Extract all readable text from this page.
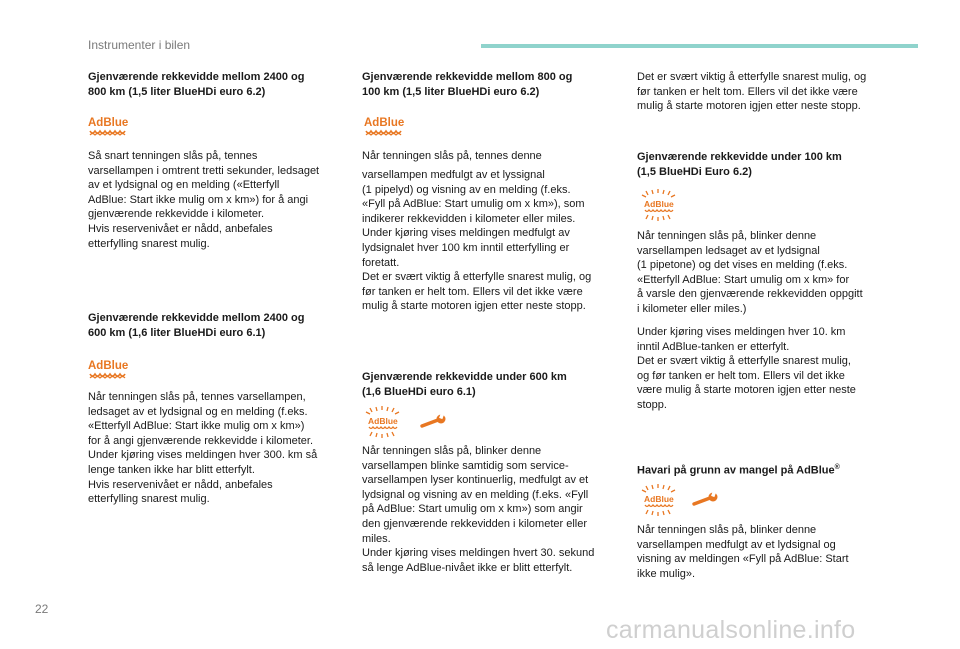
Instrumenter i bilen

Gjenværende rekkevidde mellom 2400 og
800 km (1,5 liter BlueHDi euro 6.2)

AdBlue

Så snart tenningen slås på, tennes
varsellampen i omtrent tretti sekunder, ledsaget
av et lydsignal og en melding («Etterfyll
AdBlue: Start ikke mulig om x km») for å angi
gjenværende rekkevidde i kilometer.
Hvis reservenivået er nådd, anbefales
etterfylling snarest mulig.

Gjenværende rekkevidde mellom 2400 og
600 km (1,6 liter BlueHDi euro 6.1)

AdBlue

Når tenningen slås på, tennes varsellampen,
ledsaget av et lydsignal og en melding (f.eks.
«Etterfyll AdBlue: Start ikke mulig om x km»)
for å angi gjenværende rekkevidde i kilometer.
Under kjøring vises meldingen hver 300. km så
lenge tanken ikke har blitt etterfylt.
Hvis reservenivået er nådd, anbefales
etterfylling snarest mulig.

Gjenværende rekkevidde mellom 800 og
100 km (1,5 liter BlueHDi euro 6.2)

AdBlue

Når tenningen slås på, tennes denne

varsellampen medfulgt av et lyssignal
(1 pipelyd) og visning av en melding (f.eks.
«Fyll på AdBlue: Start umulig om x km»), som
indikerer rekkevidden i kilometer eller miles.
Under kjøring vises meldingen medfulgt av
lydsignalet hver 100 km inntil etterfylling er
foretatt.
Det er svært viktig å etterfylle snarest mulig, og
før tanken er helt tom. Ellers vil det ikke være
mulig å starte motoren igjen etter neste stopp.

Gjenværende rekkevidde under 600 km
(1,6 BlueHDi euro 6.1)

AdBlue

Når tenningen slås på, blinker denne
varsellampen blinke samtidig som service-
varsellampen lyser kontinuerlig, medfulgt av et
lydsignal og visning av en melding (f.eks. «Fyll
på AdBlue: Start umulig om x km») som angir
den gjenværende rekkevidden i kilometer eller
miles.
Under kjøring vises meldingen hvert 30. sekund
så lenge AdBlue-nivået ikke er blitt etterfylt.

Det er svært viktig å etterfylle snarest mulig, og
før tanken er helt tom. Ellers vil det ikke være
mulig å starte motoren igjen etter neste stopp.

Gjenværende rekkevidde under 100 km
(1,5 BlueHDi Euro 6.2)

AdBlue

Når tenningen slås på, blinker denne
varsellampen ledsaget av et lydsignal
(1 pipetone) og det vises en melding (f.eks.
«Etterfyll AdBlue: Start umulig om x km» for
å varsle den gjenværende rekkevidden oppgitt
i kilometer eller miles.)

Under kjøring vises meldingen hver 10. km
inntil AdBlue-tanken er etterfylt.
Det er svært viktig å etterfylle snarest mulig,
og før tanken er helt tom. Ellers vil det ikke
være mulig å starte motoren igjen etter neste
stopp.

Havari på grunn av mangel på AdBlue®

AdBlue

Når tenningen slås på, blinker denne
varsellampen medfulgt av et lydsignal og
visning av meldingen «Fyll på AdBlue: Start
ikke mulig».

22
carmanualsonline.info
